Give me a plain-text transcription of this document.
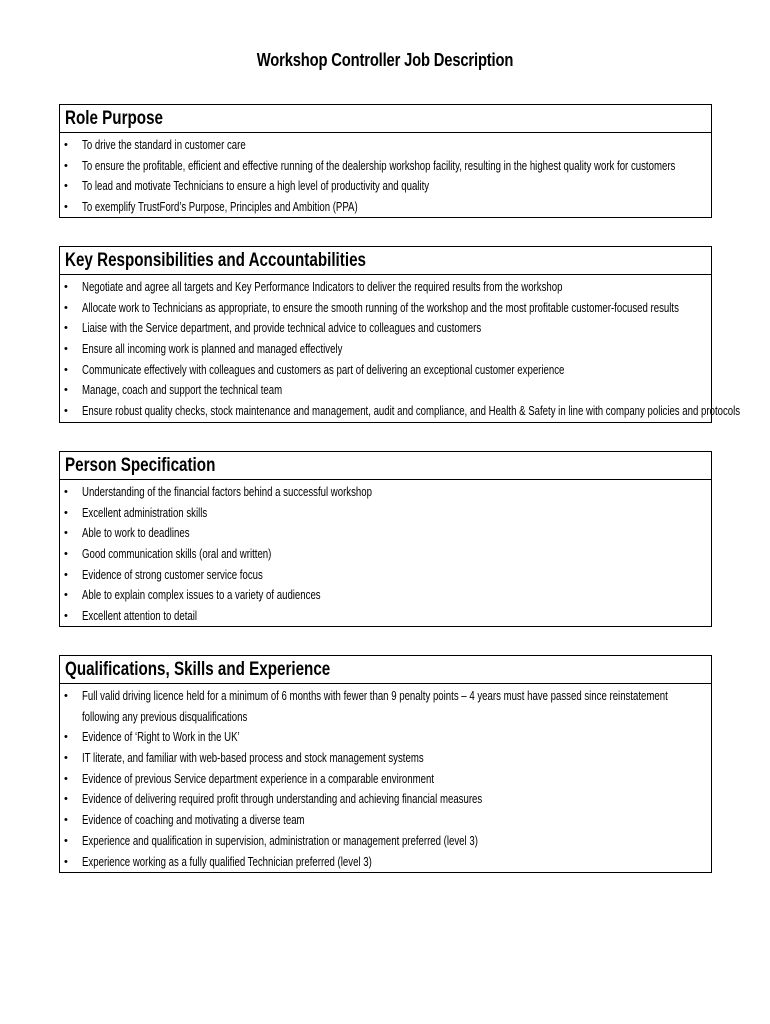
Workshop Controller Job Description
Role Purpose
• To drive the standard in customer care
• To ensure the profitable, efficient and effective running of the dealership workshop facility, resulting in the highest quality work for customers
• To lead and motivate Technicians to ensure a high level of productivity and quality
• To exemplify TrustFord’s Purpose, Principles and Ambition (PPA)
Key Responsibilities and Accountabilities
• Negotiate and agree all targets and Key Performance Indicators to deliver the required results from the workshop
• Allocate work to Technicians as appropriate, to ensure the smooth running of the workshop and the most profitable customer-focused results
• Liaise with the Service department, and provide technical advice to colleagues and customers
• Ensure all incoming work is planned and managed effectively
• Communicate effectively with colleagues and customers as part of delivering an exceptional customer experience
• Manage, coach and support the technical team
• Ensure robust quality checks, stock maintenance and management, audit and compliance, and Health & Safety in line with company policies and protocols
Person Specification
• Understanding of the financial factors behind a successful workshop
• Excellent administration skills
• Able to work to deadlines
• Good communication skills (oral and written)
• Evidence of strong customer service focus
• Able to explain complex issues to a variety of audiences
• Excellent attention to detail
Qualifications, Skills and Experience
• Full valid driving licence held for a minimum of 6 months with fewer than 9 penalty points – 4 years must have passed since reinstatement following any previous disqualifications
• Evidence of ‘Right to Work in the UK’
• IT literate, and familiar with web-based process and stock management systems
• Evidence of previous Service department experience in a comparable environment
• Evidence of delivering required profit through understanding and achieving financial measures
• Evidence of coaching and motivating a diverse team
• Experience and qualification in supervision, administration or management preferred (level 3)
• Experience working as a fully qualified Technician preferred (level 3)
